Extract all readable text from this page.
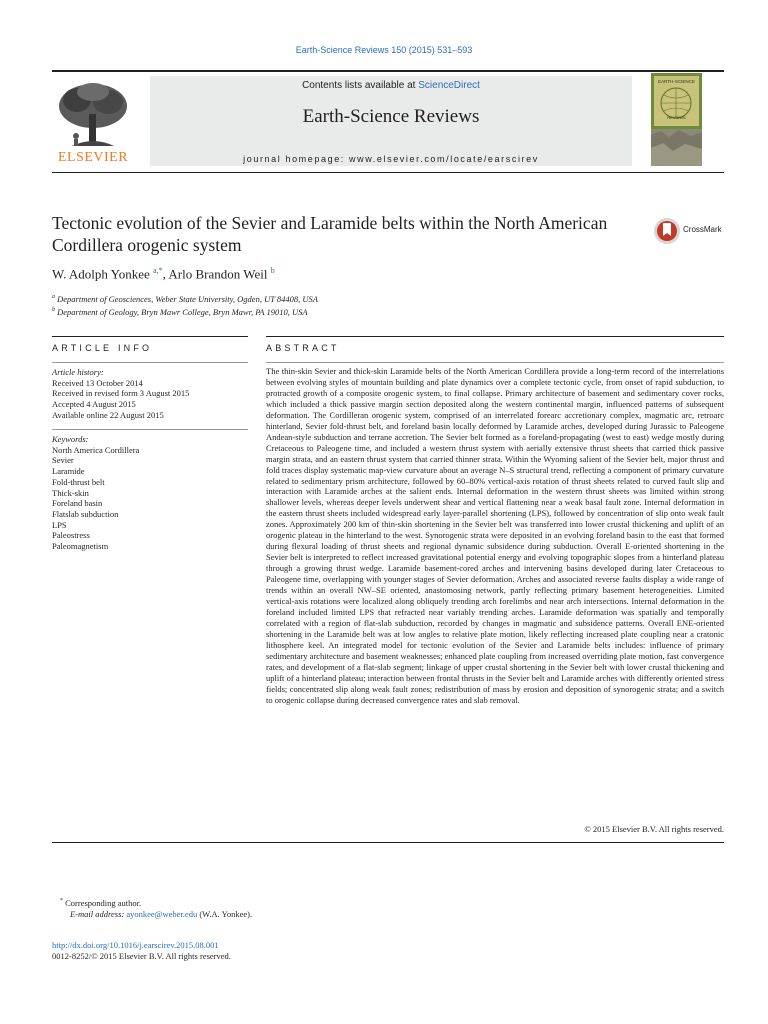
Earth-Science Reviews 150 (2015) 531–593
ELSEVIER
Contents lists available at ScienceDirect
Earth-Science Reviews
journal homepage: www.elsevier.com/locate/earscirev
EARTH-SCIENCE
REVIEWS
Tectonic evolution of the Sevier and Laramide belts within the North American Cordillera orogenic system
CrossMark
W. Adolph Yonkee $^{a,*}$, Arlo Brandon Weil $^b$
$^a$ Department of Geosciences, Weber State University, Ogden, UT 84408, USA
$^b$ Department of Geology, Bryn Mawr College, Bryn Mawr, PA 19010, USA
ARTICLE INFO
Article history:
Received 13 October 2014
Received in revised form 3 August 2015
Accepted 4 August 2015
Available online 22 August 2015
Keywords:
North America Cordillera
Sevier
Laramide
Fold-thrust belt
Thick-skin
Foreland basin
Flatslab subduction
LPS
Paleostress
Paleomagnetism
ABSTRACT
The thin-skin Sevier and thick-skin Laramide belts of the North American Cordillera provide a long-term record of the interrelations between evolving styles of mountain building and plate dynamics over a complete tectonic cycle, from onset of rapid subduction, to protracted growth of a composite orogenic system, to final collapse. Primary architecture of basement and sedimentary cover rocks, which included a thick passive margin section deposited along the western continental margin, influenced patterns of subsequent deformation. The Cordilleran orogenic system, comprised of an interrelated forearc accretionary complex, magmatic arc, retroarc hinterland, Sevier fold-thrust belt, and foreland basin locally deformed by Laramide arches, developed during Jurassic to Paleogene Andean-style subduction and terrane accretion. The Sevier belt formed as a foreland-propagating (west to east) wedge mostly during Cretaceous to Paleogene time, and included a western thrust system with aerially extensive thrust sheets that carried thick passive margin strata, and an eastern thrust system that carried thinner strata. Within the Wyoming salient of the Sevier belt, major thrust and fold traces display systematic map-view curvature about an average N–S structural trend, reflecting a component of primary curvature related to sedimentary prism architecture, followed by 60–80% vertical-axis rotation of thrust sheets related to curved fault slip and interaction with Laramide arches at the salient ends. Internal deformation in the western thrust sheets was limited within strong shallower levels, whereas deeper levels underwent shear and vertical flattening near a weak basal fault zone. Internal deformation in the eastern thrust sheets included widespread early layer-parallel shortening (LPS), followed by concentration of slip onto weak fault zones. Approximately 200 km of thin-skin shortening in the Sevier belt was transferred into lower crustal thickening and uplift of an orogenic plateau in the hinterland to the west. Synorogenic strata were deposited in an evolving foreland basin to the east that formed during flexural loading of thrust sheets and regional dynamic subsidence during subduction. Overall E-oriented shortening in the Sevier belt is interpreted to reflect increased gravitational potential energy and evolving topographic slopes from a hinterland plateau through a growing thrust wedge. Laramide basement-cored arches and intervening basins developed during later Cretaceous to Paleogene time, overlapping with younger stages of Sevier deformation. Arches and associated reverse faults display a wide range of trends within an overall NW–SE oriented, anastomosing network, partly reflecting primary basement heterogeneities. Limited vertical-axis rotations were localized along obliquely trending arch forelimbs and near arch intersections. Internal deformation in the foreland included limited LPS that refracted near variably trending arches. Laramide deformation was spatially and temporally correlated with a region of flat-slab subduction, recorded by changes in magmatic and subsidence patterns. Overall ENE-oriented shortening in the Laramide belt was at low angles to relative plate motion, likely reflecting increased plate coupling near a cratonic lithosphere keel. An integrated model for tectonic evolution of the Sevier and Laramide belts includes: influence of primary sedimentary architecture and basement weaknesses; enhanced plate coupling from increased overriding plate motion, fast convergence rates, and development of a flat-slab segment; linkage of upper crustal shortening in the Sevier belt with lower crustal thickening and uplift of a hinterland plateau; interaction between frontal thrusts in the Sevier belt and Laramide arches with differently oriented stress fields; concentrated slip along weak fault zones; redistribution of mass by erosion and deposition of synorogenic strata; and a switch to orogenic collapse during decreased convergence rates and slab removal.
© 2015 Elsevier B.V. All rights reserved.
* Corresponding author.
E-mail address: ayonkee@weber.edu (W.A. Yonkee).
http://dx.doi.org/10.1016/j.earscirev.2015.08.001
0012-8252/© 2015 Elsevier B.V. All rights reserved.
